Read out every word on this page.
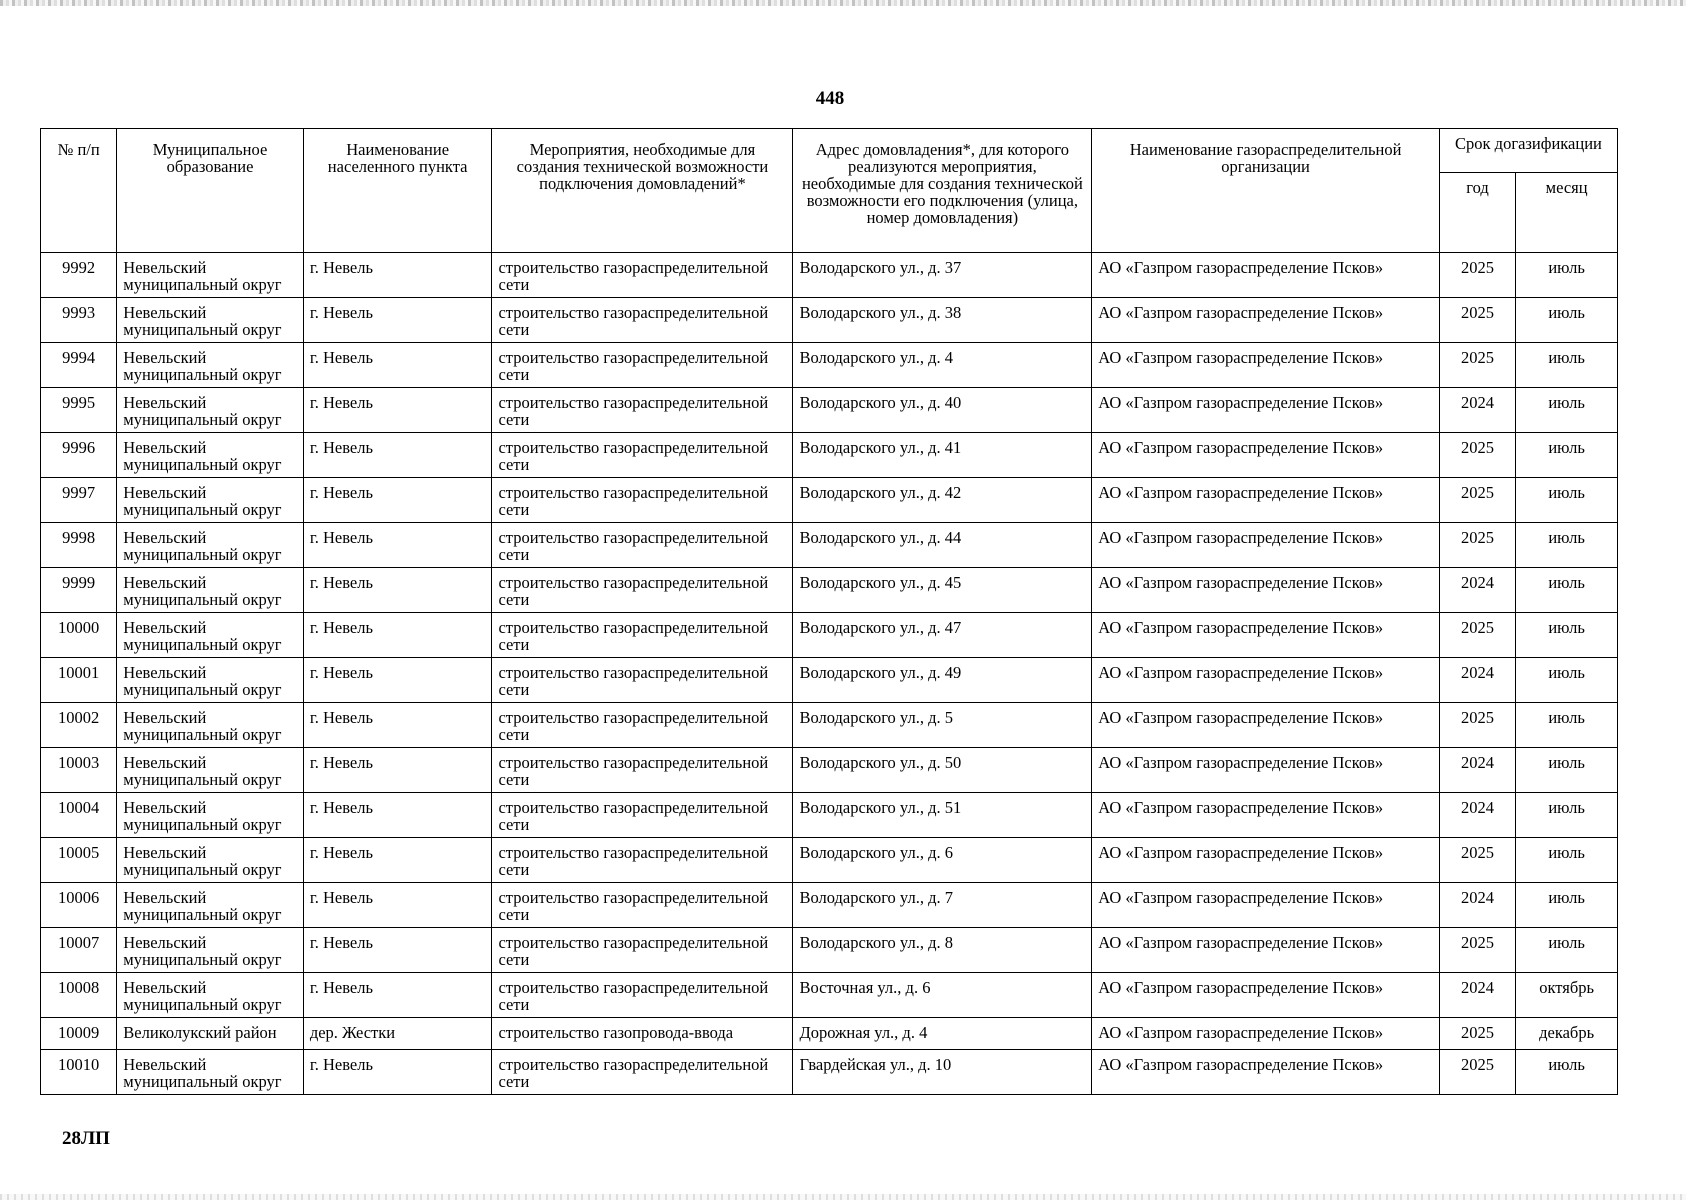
448
№ п/п	Муниципальное образование	Наименование населенного пункта	Мероприятия, необходимые для создания технической возможности подключения домовладений*	Адрес домовладения*, для которого реализуются мероприятия, необходимые для создания технической возможности его подключения (улица, номер домовладения)	Наименование газораспределительной организации	Срок догазификации	
						год	месяц
9992	Невельский муниципальный округ	г. Невель	строительство газораспределительной сети	Володарского ул., д. 37	АО «Газпром газораспределение Псков»	2025	июль
9993	Невельский муниципальный округ	г. Невель	строительство газораспределительной сети	Володарского ул., д. 38	АО «Газпром газораспределение Псков»	2025	июль
9994	Невельский муниципальный округ	г. Невель	строительство газораспределительной сети	Володарского ул., д. 4	АО «Газпром газораспределение Псков»	2025	июль
9995	Невельский муниципальный округ	г. Невель	строительство газораспределительной сети	Володарского ул., д. 40	АО «Газпром газораспределение Псков»	2024	июль
9996	Невельский муниципальный округ	г. Невель	строительство газораспределительной сети	Володарского ул., д. 41	АО «Газпром газораспределение Псков»	2025	июль
9997	Невельский муниципальный округ	г. Невель	строительство газораспределительной сети	Володарского ул., д. 42	АО «Газпром газораспределение Псков»	2025	июль
9998	Невельский муниципальный округ	г. Невель	строительство газораспределительной сети	Володарского ул., д. 44	АО «Газпром газораспределение Псков»	2025	июль
9999	Невельский муниципальный округ	г. Невель	строительство газораспределительной сети	Володарского ул., д. 45	АО «Газпром газораспределение Псков»	2024	июль
10000	Невельский муниципальный округ	г. Невель	строительство газораспределительной сети	Володарского ул., д. 47	АО «Газпром газораспределение Псков»	2025	июль
10001	Невельский муниципальный округ	г. Невель	строительство газораспределительной сети	Володарского ул., д. 49	АО «Газпром газораспределение Псков»	2024	июль
10002	Невельский муниципальный округ	г. Невель	строительство газораспределительной сети	Володарского ул., д. 5	АО «Газпром газораспределение Псков»	2025	июль
10003	Невельский муниципальный округ	г. Невель	строительство газораспределительной сети	Володарского ул., д. 50	АО «Газпром газораспределение Псков»	2024	июль
10004	Невельский муниципальный округ	г. Невель	строительство газораспределительной сети	Володарского ул., д. 51	АО «Газпром газораспределение Псков»	2024	июль
10005	Невельский муниципальный округ	г. Невель	строительство газораспределительной сети	Володарского ул., д. 6	АО «Газпром газораспределение Псков»	2025	июль
10006	Невельский муниципальный округ	г. Невель	строительство газораспределительной сети	Володарского ул., д. 7	АО «Газпром газораспределение Псков»	2024	июль
10007	Невельский муниципальный округ	г. Невель	строительство газораспределительной сети	Володарского ул., д. 8	АО «Газпром газораспределение Псков»	2025	июль
10008	Невельский муниципальный округ	г. Невель	строительство газораспределительной сети	Восточная ул., д. 6	АО «Газпром газораспределение Псков»	2024	октябрь
10009	Великолукский район	дер. Жестки	строительство газопровода-ввода	Дорожная ул., д. 4	АО «Газпром газораспределение Псков»	2025	декабрь
10010	Невельский муниципальный округ	г. Невель	строительство газораспределительной сети	Гвардейская ул., д. 10	АО «Газпром газораспределение Псков»	2025	июль
28ЛП
